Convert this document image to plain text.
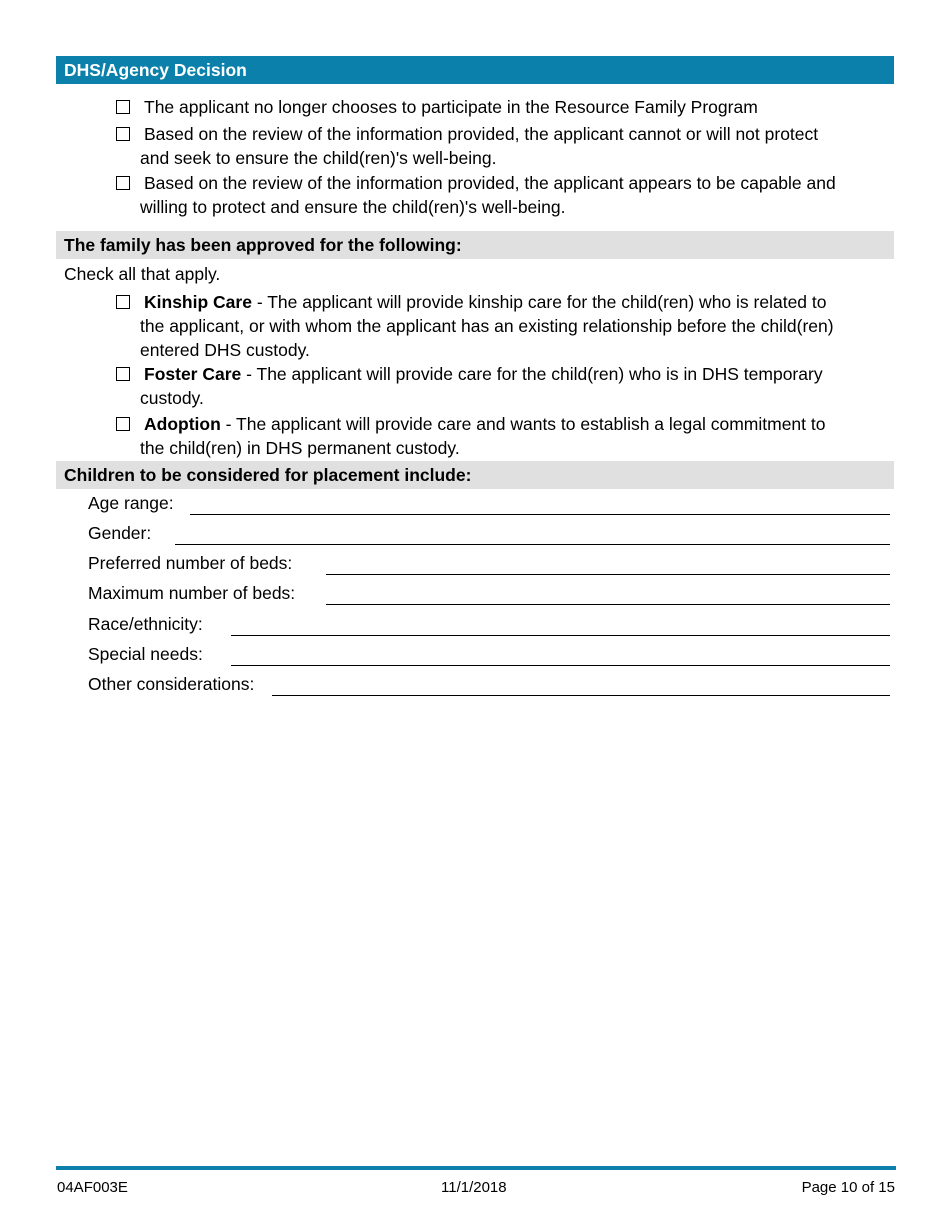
DHS/Agency Decision
The applicant no longer chooses to participate in the Resource Family Program
Based on the review of the information provided, the applicant cannot or will not protect
and seek to ensure the child(ren)'s well-being.
Based on the review of the information provided, the applicant appears to be capable and
willing to protect and ensure the child(ren)'s well-being.
The family has been approved for the following:
Check all that apply.
Kinship Care - The applicant will provide kinship care for the child(ren) who is related to
the applicant, or with whom the applicant has an existing relationship before the child(ren)
entered DHS custody.
Foster Care - The applicant will provide care for the child(ren) who is in DHS temporary
custody.
Adoption - The applicant will provide care and wants to establish a legal commitment to
the child(ren) in DHS permanent custody.
Children to be considered for placement include:
Age range:
Gender:
Preferred number of beds:
Maximum number of beds:
Race/ethnicity:
Special needs:
Other considerations:
04AF003E	11/1/2018	Page 10 of 15
